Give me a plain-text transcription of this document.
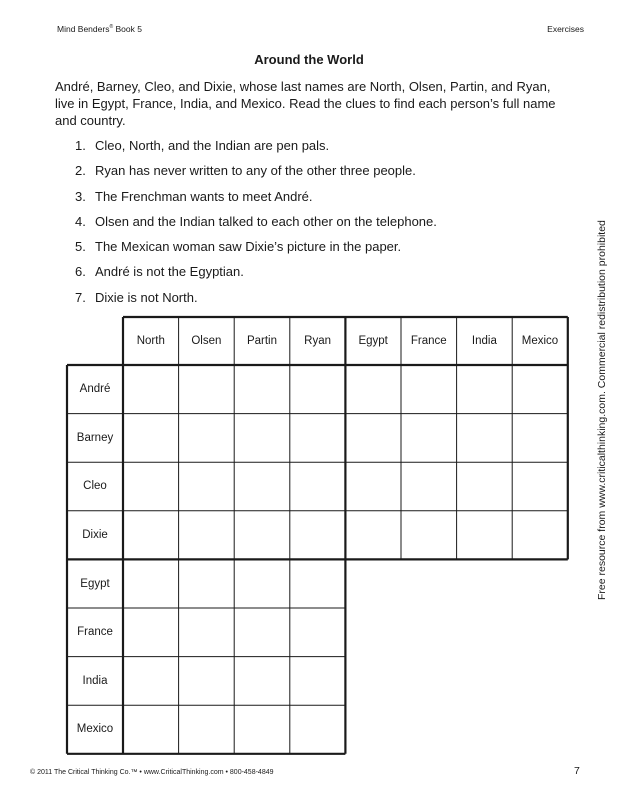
Mind Benders® Book 5	Exercises
Around the World
André, Barney, Cleo, and Dixie, whose last names are North, Olsen, Partin, and Ryan, live in Egypt, France, India, and Mexico. Read the clues to find each person’s full name and country.
1. Cleo, North, and the Indian are pen pals.
2. Ryan has never written to any of the other three people.
3. The Frenchman wants to meet André.
4. Olsen and the Indian talked to each other on the telephone.
5. The Mexican woman saw Dixie’s picture in the paper.
6. André is not the Egyptian.
7. Dixie is not North.
North	Olsen	Partin	Ryan	Egypt	France	India	Mexico
André
Barney
Cleo
Dixie
Egypt
France
India
Mexico
Free resource from www.criticalthinking.com. Commercial redistribution prohibited
© 2011 The Critical Thinking Co.™ • www.CriticalThinking.com • 800-458-4849	7
